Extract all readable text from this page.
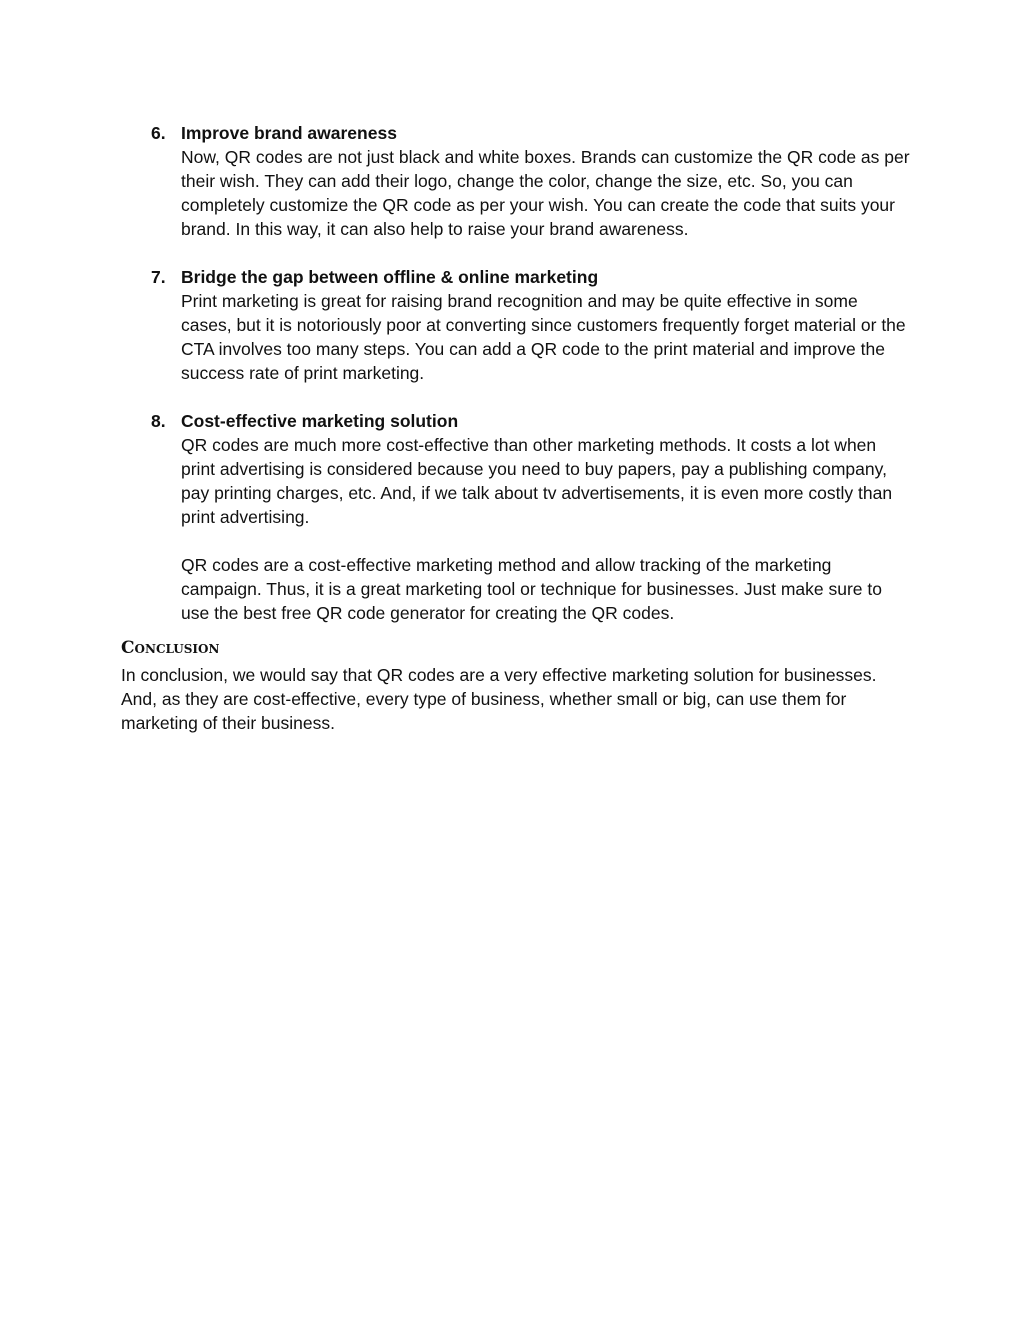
6. Improve brand awareness

Now, QR codes are not just black and white boxes. Brands can customize the QR code as per their wish. They can add their logo, change the color, change the size, etc. So, you can completely customize the QR code as per your wish. You can create the code that suits your brand. In this way, it can also help to raise your brand awareness.

7. Bridge the gap between offline & online marketing

Print marketing is great for raising brand recognition and may be quite effective in some cases, but it is notoriously poor at converting since customers frequently forget material or the CTA involves too many steps. You can add a QR code to the print material and improve the success rate of print marketing.

8. Cost-effective marketing solution

QR codes are much more cost-effective than other marketing methods. It costs a lot when print advertising is considered because you need to buy papers, pay a publishing company, pay printing charges, etc. And, if we talk about tv advertisements, it is even more costly than print advertising.

QR codes are a cost-effective marketing method and allow tracking of the marketing campaign. Thus, it is a great marketing tool or technique for businesses. Just make sure to use the best free QR code generator for creating the QR codes.

Conclusion

In conclusion, we would say that QR codes are a very effective marketing solution for businesses. And, as they are cost-effective, every type of business, whether small or big, can use them for marketing of their business.
